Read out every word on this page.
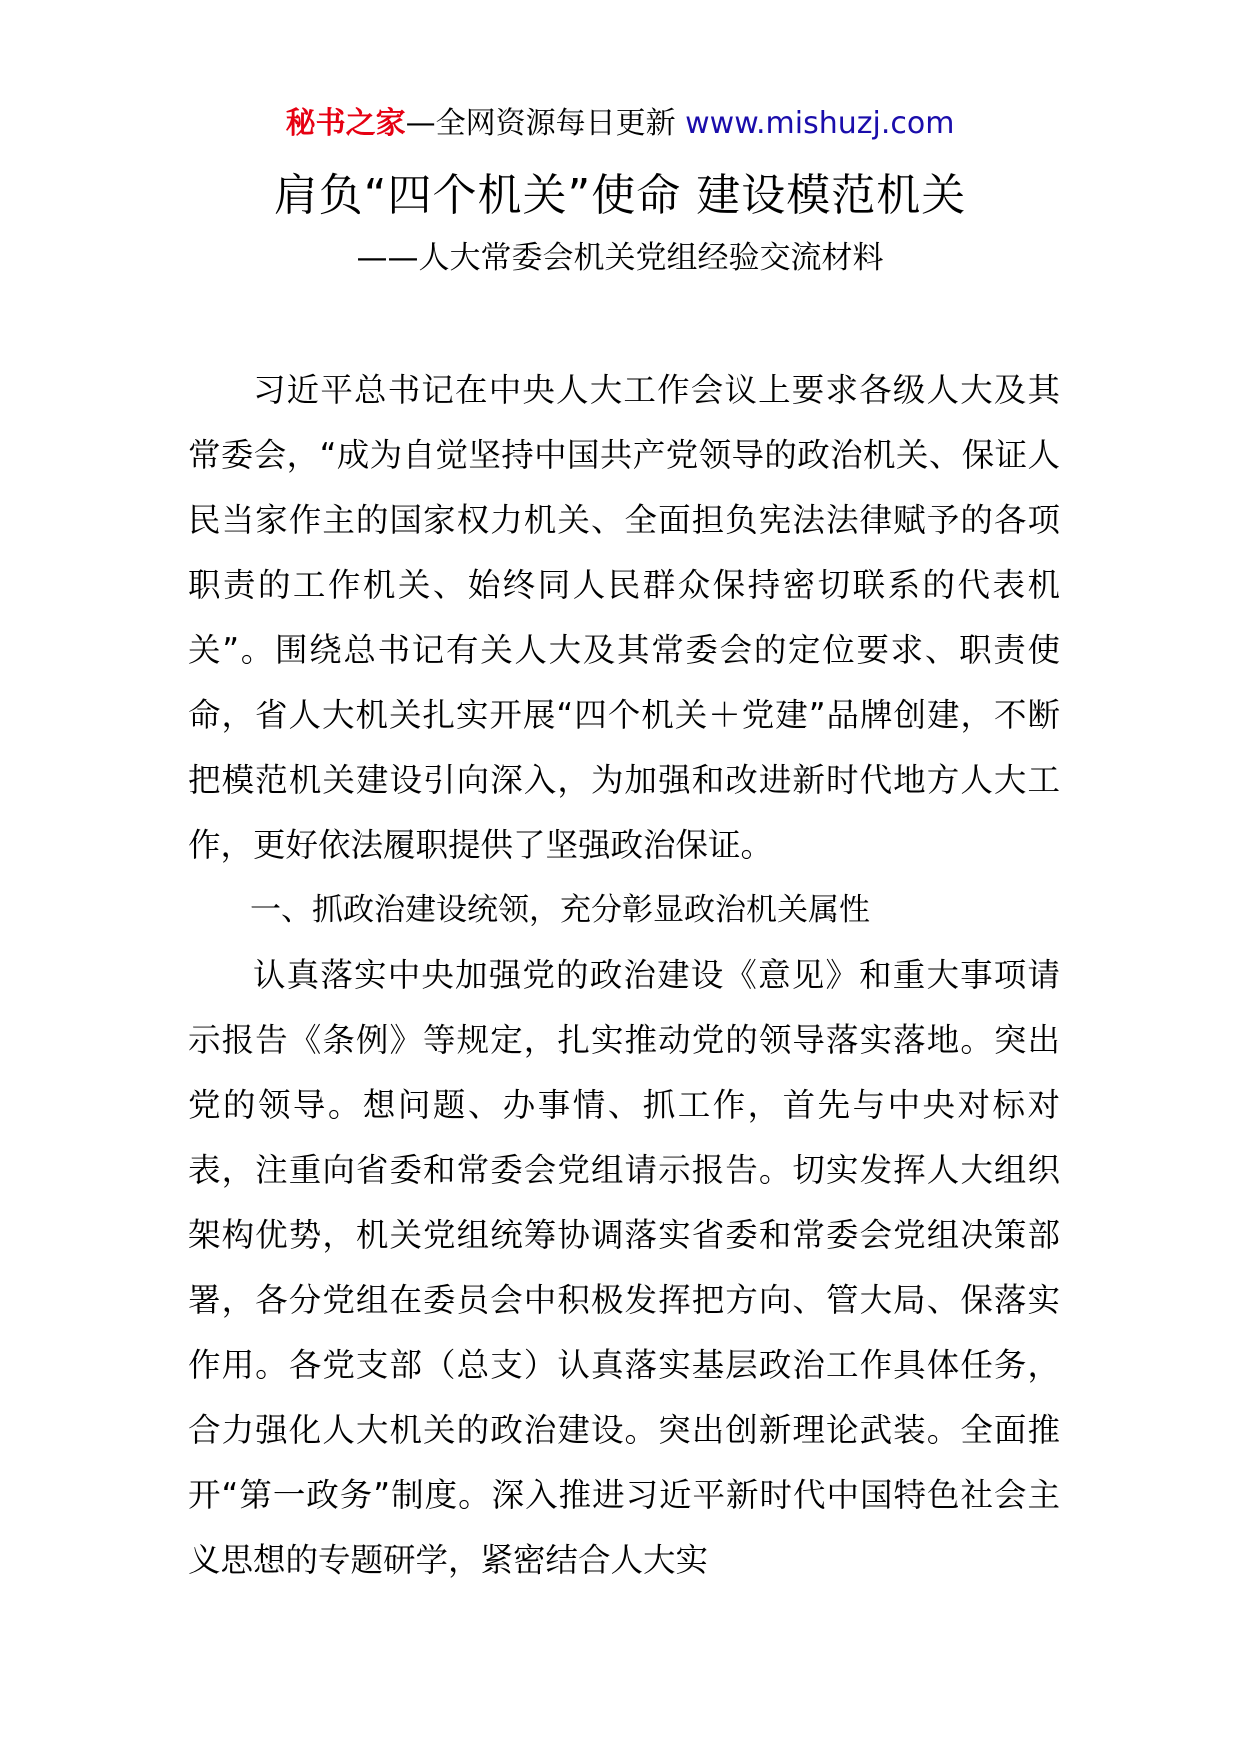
秘书之家—全网资源每日更新 www.mishuzj.com
肩负“四个机关”使命 建设模范机关
——人大常委会机关党组经验交流材料

习近平总书记在中央人大工作会议上要求各级人大及其常委会，“成为自觉坚持中国共产党领导的政治机关、保证人民当家作主的国家权力机关、全面担负宪法法律赋予的各项职责的工作机关、始终同人民群众保持密切联系的代表机关”。围绕总书记有关人大及其常委会的定位要求、职责使命，省人大机关扎实开展“四个机关＋党建”品牌创建，不断把模范机关建设引向深入，为加强和改进新时代地方人大工作，更好依法履职提供了坚强政治保证。

一、抓政治建设统领，充分彰显政治机关属性

认真落实中央加强党的政治建设《意见》和重大事项请示报告《条例》等规定，扎实推动党的领导落实落地。突出党的领导。想问题、办事情、抓工作，首先与中央对标对表，注重向省委和常委会党组请示报告。切实发挥人大组织架构优势，机关党组统筹协调落实省委和常委会党组决策部署，各分党组在委员会中积极发挥把方向、管大局、保落实作用。各党支部（总支）认真落实基层政治工作具体任务，合力强化人大机关的政治建设。突出创新理论武装。全面推开“第一政务”制度。深入推进习近平新时代中国特色社会主义思想的专题研学，紧密结合人大实
